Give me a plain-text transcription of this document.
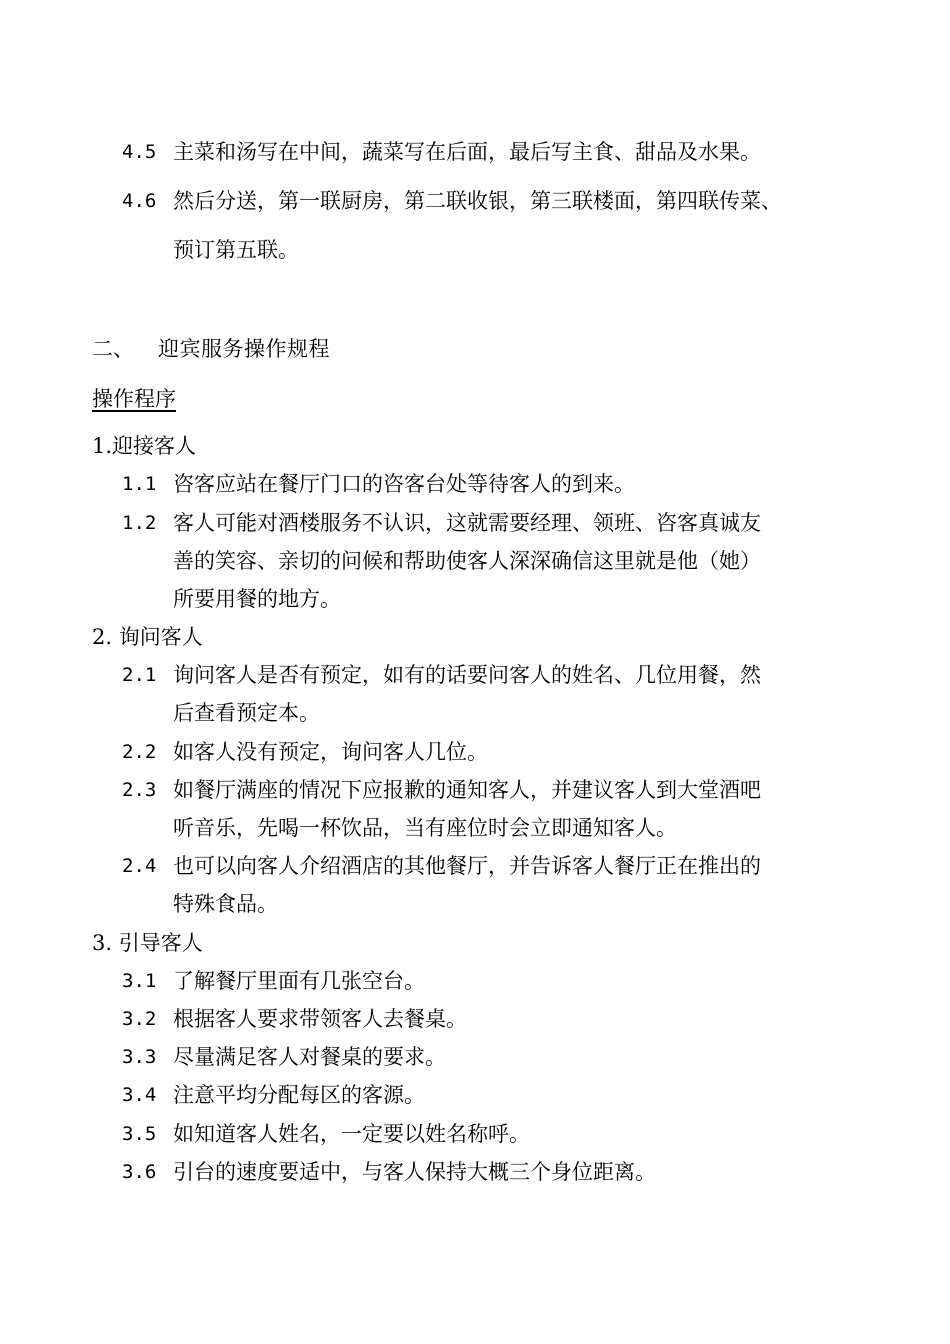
4.5 主菜和汤写在中间，蔬菜写在后面，最后写主食、甜品及水果。
4.6 然后分送，第一联厨房，第二联收银，第三联楼面，第四联传菜、
预订第五联。
二、 迎宾服务操作规程
操作程序
1.迎接客人
1.1 咨客应站在餐厅门口的咨客台处等待客人的到来。
1.2 客人可能对酒楼服务不认识，这就需要经理、领班、咨客真诚友
善的笑容、亲切的问候和帮助使客人深深确信这里就是他（她）
所要用餐的地方。
2. 询问客人
2.1 询问客人是否有预定，如有的话要问客人的姓名、几位用餐，然
后查看预定本。
2.2 如客人没有预定，询问客人几位。
2.3 如餐厅满座的情况下应报歉的通知客人，并建议客人到大堂酒吧
听音乐，先喝一杯饮品，当有座位时会立即通知客人。
2.4 也可以向客人介绍酒店的其他餐厅，并告诉客人餐厅正在推出的
特殊食品。
3. 引导客人
3.1 了解餐厅里面有几张空台。
3.2 根据客人要求带领客人去餐桌。
3.3 尽量满足客人对餐桌的要求。
3.4 注意平均分配每区的客源。
3.5 如知道客人姓名，一定要以姓名称呼。
3.6 引台的速度要适中，与客人保持大概三个身位距离。
